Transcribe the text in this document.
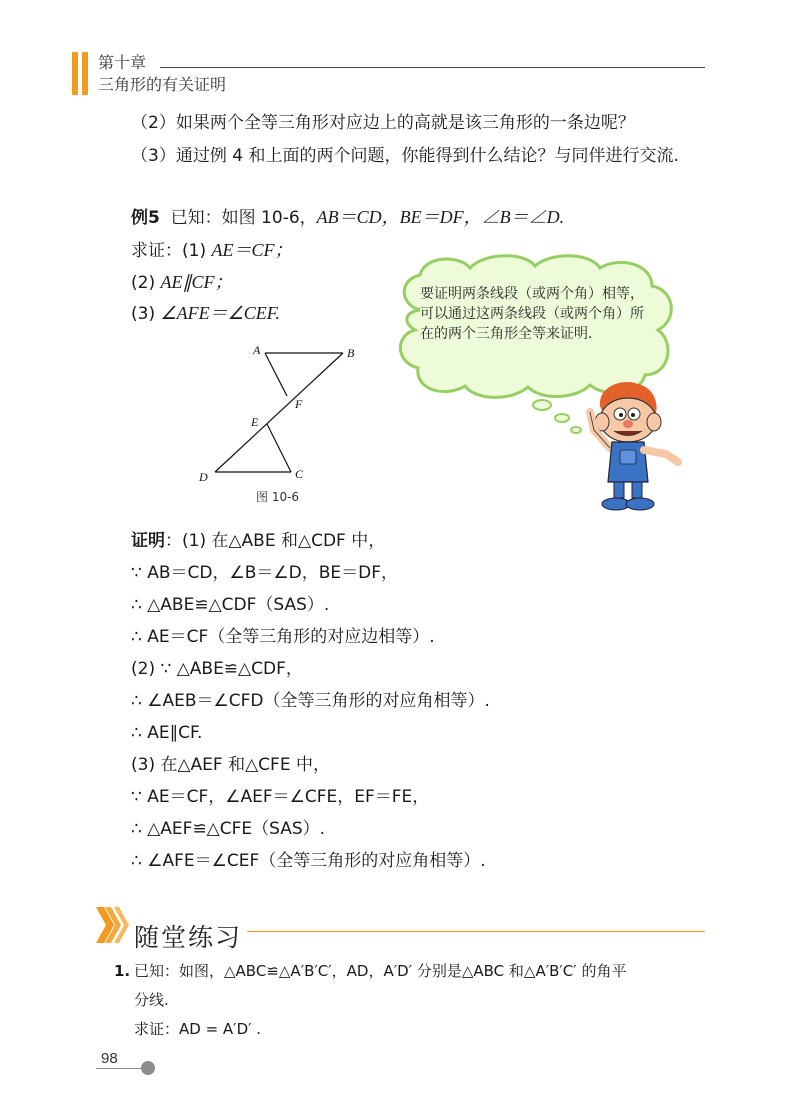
第十章
三角形的有关证明
（2）如果两个全等三角形对应边上的高就是该三角形的一条边呢？
（3）通过例 4 和上面的两个问题，你能得到什么结论？与同伴进行交流.
例5 已知：如图 10-6，AB＝CD，BE＝DF，∠B＝∠D.
求证：(1) AE＝CF；
(2) AE∥CF；
(3) ∠AFE＝∠CEF.
要证明两条线段（或两个角）相等，可以通过这两条线段（或两个角）所在的两个三角形全等来证明.
A	B
C
D
E
F
图 10-6
证明：(1) 在△ABE 和△CDF 中，
∵ AB＝CD，∠B＝∠D，BE＝DF，
∴ △ABE≌△CDF（SAS）.
∴ AE＝CF（全等三角形的对应边相等）.
(2) ∵ △ABE≌△CDF，
∴ ∠AEB＝∠CFD（全等三角形的对应角相等）.
∴ AE∥CF.
(3) 在△AEF 和△CFE 中，
∵ AE＝CF，∠AEF＝∠CFE，EF＝FE，
∴ △AEF≌△CFE（SAS）.
∴ ∠AFE＝∠CEF（全等三角形的对应角相等）.
随堂练习
1. 已知：如图，△ABC≌△A′B′C′，AD，A′D′ 分别是△ABC 和△A′B′C′ 的角平
分线.
求证：AD = A′D′ .
98
